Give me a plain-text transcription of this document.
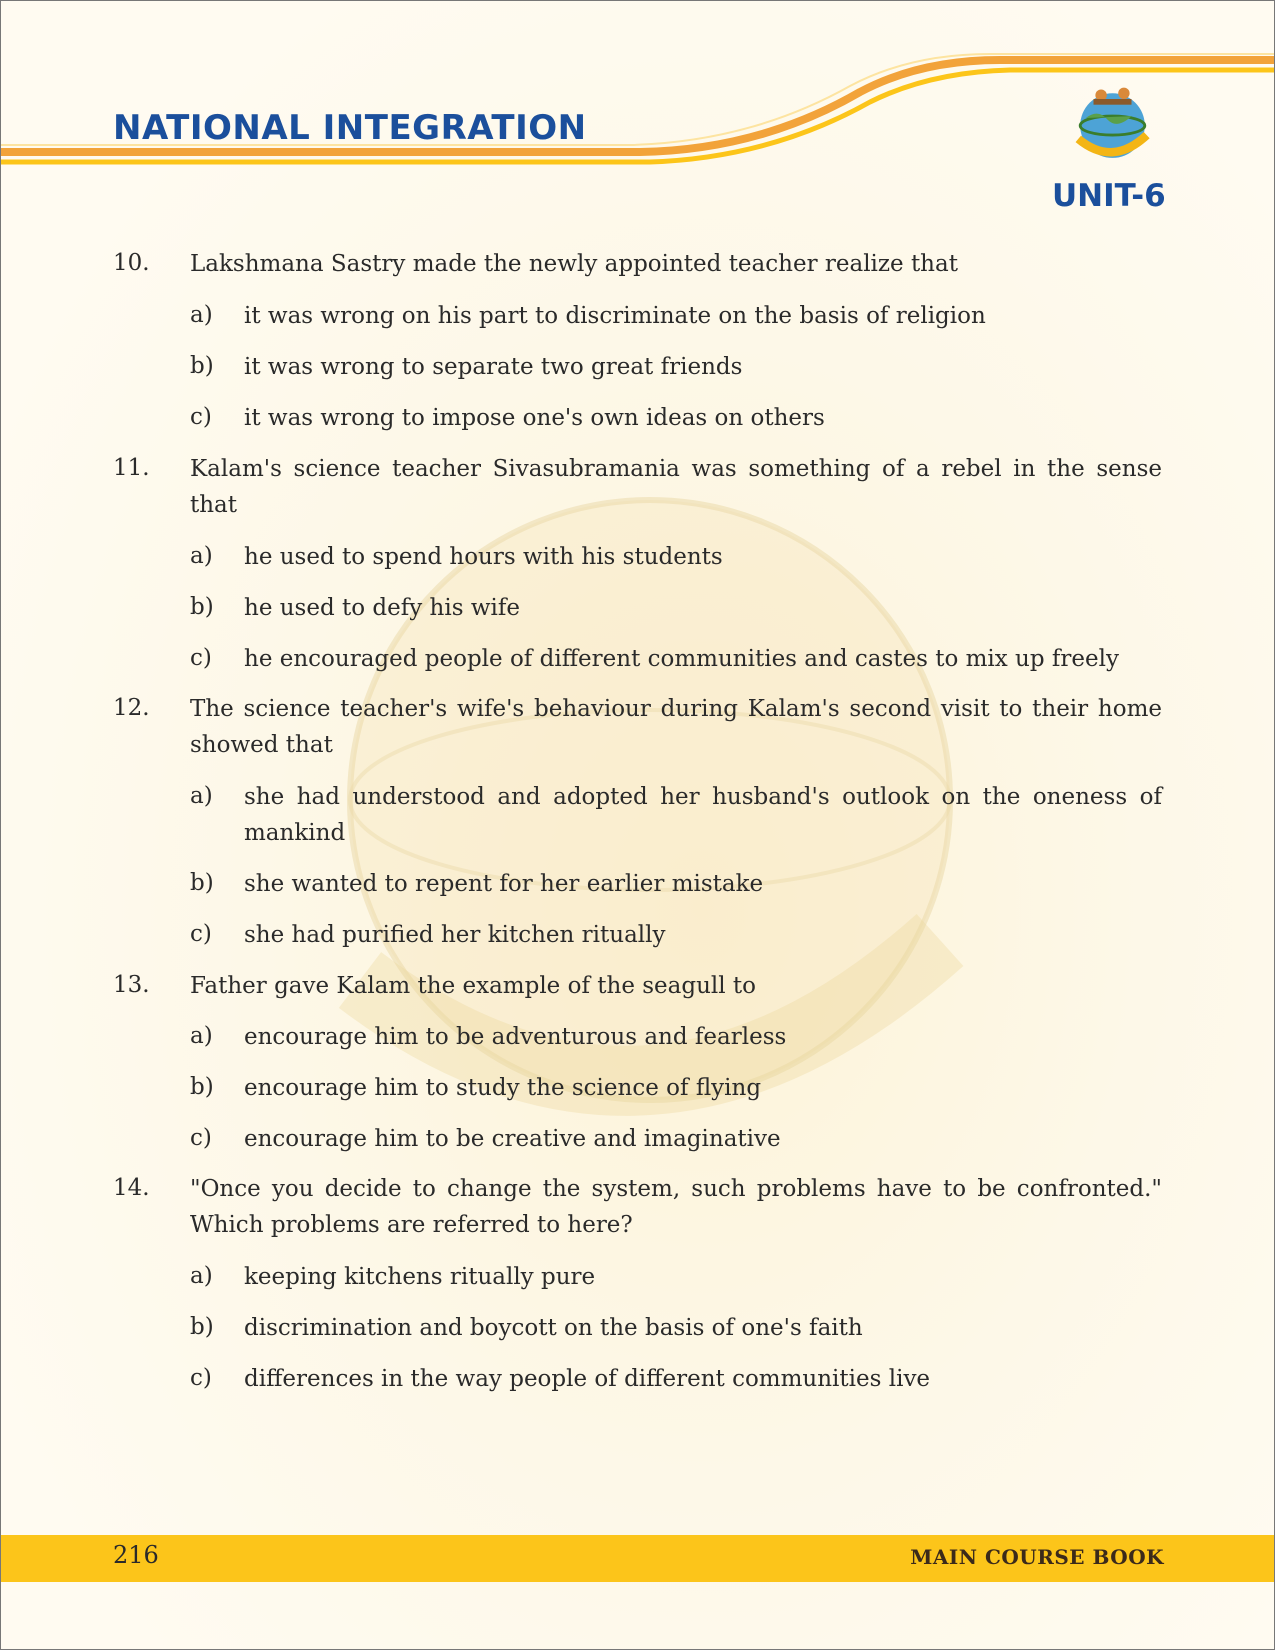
NATIONAL INTEGRATION
UNIT-6
10. Lakshmana Sastry made the newly appointed teacher realize that
a) it was wrong on his part to discriminate on the basis of religion
b) it was wrong to separate two great friends
c) it was wrong to impose one's own ideas on others
11. Kalam's science teacher Sivasubramania was something of a rebel in the sense that
a) he used to spend hours with his students
b) he used to defy his wife
c) he encouraged people of different communities and castes to mix up freely
12. The science teacher's wife's behaviour during Kalam's second visit to their home showed that
a) she had understood and adopted her husband's outlook on the oneness of mankind
b) she wanted to repent for her earlier mistake
c) she had purified her kitchen ritually
13. Father gave Kalam the example of the seagull to
a) encourage him to be adventurous and fearless
b) encourage him to study the science of flying
c) encourage him to be creative and imaginative
14. "Once you decide to change the system, such problems have to be confronted." Which problems are referred to here?
a) keeping kitchens ritually pure
b) discrimination and boycott on the basis of one's faith
c) differences in the way people of different communities live
216	MAIN COURSE BOOK
